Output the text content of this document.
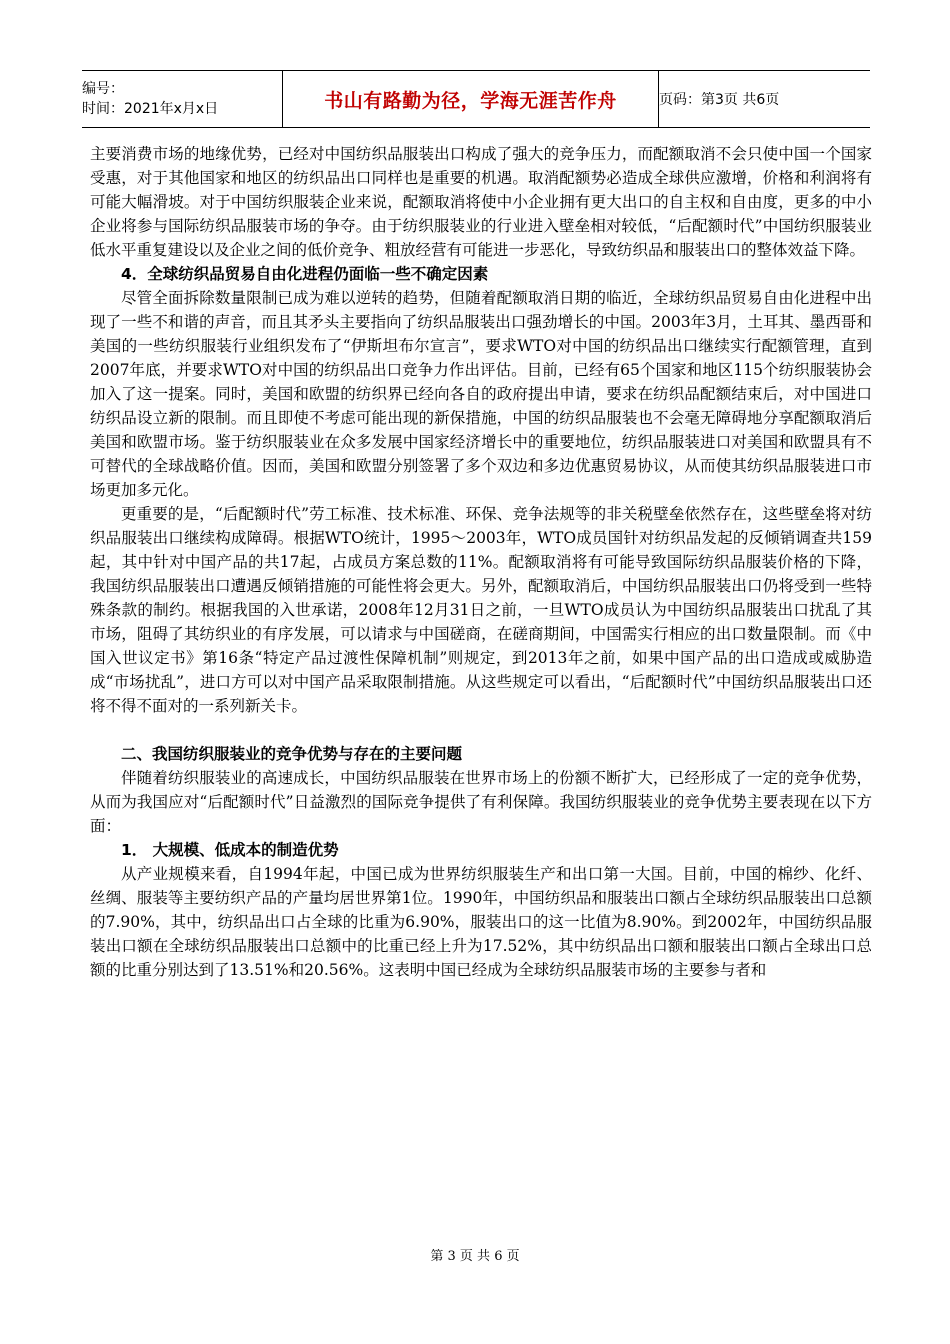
编号：
时间：2021年x月x日	书山有路勤为径，学海无涯苦作舟	页码：第3页 共6页

主要消费市场的地缘优势，已经对中国纺织品服装出口构成了强大的竞争压力，而配额取消不会只使中国一个国家受惠，对于其他国家和地区的纺织品出口同样也是重要的机遇。取消配额势必造成全球供应激增，价格和利润将有可能大幅滑坡。对于中国纺织服装企业来说，配额取消将使中小企业拥有更大出口的自主权和自由度，更多的中小企业将参与国际纺织品服装市场的争夺。由于纺织服装业的行业进入壁垒相对较低，“后配额时代”中国纺织服装业低水平重复建设以及企业之间的低价竞争、粗放经营有可能进一步恶化，导致纺织品和服装出口的整体效益下降。

4．全球纺织品贸易自由化进程仍面临一些不确定因素

尽管全面拆除数量限制已成为难以逆转的趋势，但随着配额取消日期的临近，全球纺织品贸易自由化进程中出现了一些不和谐的声音，而且其矛头主要指向了纺织品服装出口强劲增长的中国。2003年3月，土耳其、墨西哥和美国的一些纺织服装行业组织发布了“伊斯坦布尔宣言”，要求WTO对中国的纺织品出口继续实行配额管理，直到2007年底，并要求WTO对中国的纺织品出口竞争力作出评估。目前，已经有65个国家和地区115个纺织服装协会加入了这一提案。同时，美国和欧盟的纺织界已经向各自的政府提出申请，要求在纺织品配额结束后，对中国进口纺织品设立新的限制。而且即使不考虑可能出现的新保措施，中国的纺织品服装也不会毫无障碍地分享配额取消后美国和欧盟市场。鉴于纺织服装业在众多发展中国家经济增长中的重要地位，纺织品服装进口对美国和欧盟具有不可替代的全球战略价值。因而，美国和欧盟分别签署了多个双边和多边优惠贸易协议，从而使其纺织品服装进口市场更加多元化。

更重要的是，“后配额时代”劳工标准、技术标准、环保、竞争法规等的非关税壁垒依然存在，这些壁垒将对纺织品服装出口继续构成障碍。根据WTO统计，1995～2003年，WTO成员国针对纺织品发起的反倾销调查共159起，其中针对中国产品的共17起，占成员方案总数的11%。配额取消将有可能导致国际纺织品服装价格的下降，我国纺织品服装出口遭遇反倾销措施的可能性将会更大。另外，配额取消后，中国纺织品服装出口仍将受到一些特殊条款的制约。根据我国的入世承诺，2008年12月31日之前，一旦WTO成员认为中国纺织品服装出口扰乱了其市场，阻碍了其纺织业的有序发展，可以请求与中国磋商，在磋商期间，中国需实行相应的出口数量限制。而《中国入世议定书》第16条“特定产品过渡性保障机制”则规定，到2013年之前，如果中国产品的出口造成或威胁造成“市场扰乱”，进口方可以对中国产品采取限制措施。从这些规定可以看出，“后配额时代”中国纺织品服装出口还将不得不面对的一系列新关卡。

二、我国纺织服装业的竞争优势与存在的主要问题

伴随着纺织服装业的高速成长，中国纺织品服装在世界市场上的份额不断扩大，已经形成了一定的竞争优势，从而为我国应对“后配额时代”日益激烈的国际竞争提供了有利保障。我国纺织服装业的竞争优势主要表现在以下方面：

1． 大规模、低成本的制造优势

从产业规模来看，自1994年起，中国已成为世界纺织服装生产和出口第一大国。目前，中国的棉纱、化纤、丝绸、服装等主要纺织产品的产量均居世界第1位。1990年，中国纺织品和服装出口额占全球纺织品服装出口总额的7.90%，其中，纺织品出口占全球的比重为6.90%，服装出口的这一比值为8.90%。到2002年，中国纺织品服装出口额在全球纺织品服装出口总额中的比重已经上升为17.52%，其中纺织品出口额和服装出口额占全球出口总额的比重分别达到了13.51%和20.56%。这表明中国已经成为全球纺织品服装市场的主要参与者和

第 3 页 共 6 页
